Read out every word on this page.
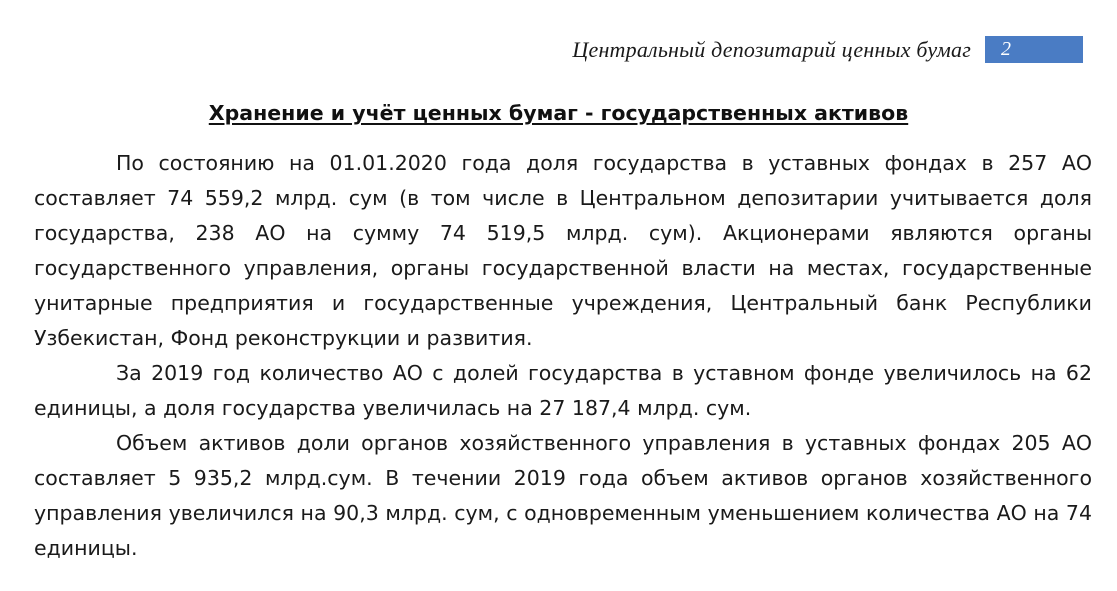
Центральный депозитарий ценных бумаг	2
Хранение и учёт ценных бумаг - государственных активов

По состоянию на 01.01.2020 года доля государства в уставных фондах в 257 АО составляет 74 559,2 млрд. сум (в том числе в Центральном депозитарии учитывается доля государства, 238 АО на сумму 74 519,5 млрд. сум). Акционерами являются органы государственного управления, органы государственной власти на местах, государственные унитарные предприятия и государственные учреждения, Центральный банк Республики Узбекистан, Фонд реконструкции и развития.

За 2019 год количество АО с долей государства в уставном фонде увеличилось на 62 единицы, а доля государства увеличилась на 27 187,4 млрд. сум.

Объем активов доли органов хозяйственного управления в уставных фондах 205 АО составляет 5 935,2 млрд.сум. В течении 2019 года объем активов органов хозяйственного управления увеличился на 90,3 млрд. сум, с одновременным уменьшением количества АО на 74 единицы.
